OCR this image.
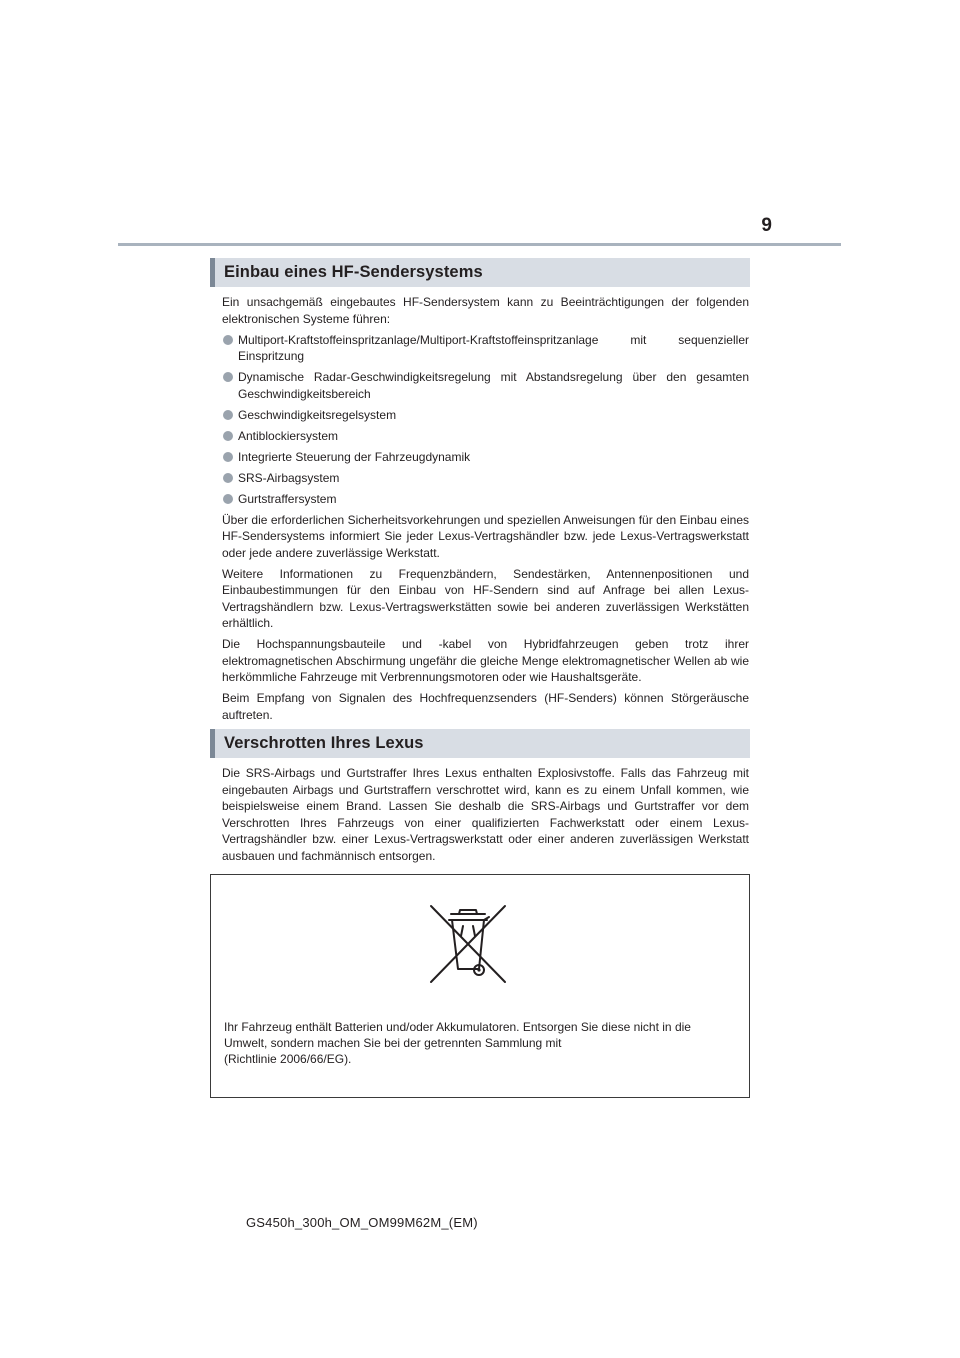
9
Einbau eines HF-Sendersystems

Ein unsachgemäß eingebautes HF-Sendersystem kann zu Beeinträchtigungen der folgenden elektronischen Systeme führen:

Multiport-Kraftstoffeinspritzanlage/Multiport-Kraftstoffeinspritzanlage mit sequenzieller Einspritzung
Dynamische Radar-Geschwindigkeitsregelung mit Abstandsregelung über den gesamten Geschwindigkeitsbereich
Geschwindigkeitsregelsystem
Antiblockiersystem
Integrierte Steuerung der Fahrzeugdynamik
SRS-Airbagsystem
Gurtstraffersystem

Über die erforderlichen Sicherheitsvorkehrungen und speziellen Anweisungen für den Einbau eines HF-Sendersystems informiert Sie jeder Lexus-Vertragshändler bzw. jede Lexus-Vertragswerkstatt oder jede andere zuverlässige Werkstatt.

Weitere Informationen zu Frequenzbändern, Sendestärken, Antennenpositionen und Einbaubestimmungen für den Einbau von HF-Sendern sind auf Anfrage bei allen Lexus-Vertragshändlern bzw. Lexus-Vertragswerkstätten sowie bei anderen zuverlässigen Werkstätten erhältlich.

Die Hochspannungsbauteile und -kabel von Hybridfahrzeugen geben trotz ihrer elektromagnetischen Abschirmung ungefähr die gleiche Menge elektromagnetischer Wellen ab wie herkömmliche Fahrzeuge mit Verbrennungsmotoren oder wie Haushaltsgeräte.

Beim Empfang von Signalen des Hochfrequenzsenders (HF-Senders) können Störgeräusche auftreten.

Verschrotten Ihres Lexus

Die SRS-Airbags und Gurtstraffer Ihres Lexus enthalten Explosivstoffe. Falls das Fahrzeug mit eingebauten Airbags und Gurtstraffern verschrottet wird, kann es zu einem Unfall kommen, wie beispielsweise einem Brand. Lassen Sie deshalb die SRS-Airbags und Gurtstraffer vor dem Verschrotten Ihres Fahrzeugs von einer qualifizierten Fachwerkstatt oder einem Lexus-Vertragshändler bzw. einer Lexus-Vertragswerkstatt oder einer anderen zuverlässigen Werkstatt ausbauen und fachmännisch entsorgen.

Ihr Fahrzeug enthält Batterien und/oder Akkumulatoren. Entsorgen Sie diese nicht in die
Umwelt, sondern machen Sie bei der getrennten Sammlung mit
(Richtlinie 2006/66/EG).
GS450h_300h_OM_OM99M62M_(EM)
